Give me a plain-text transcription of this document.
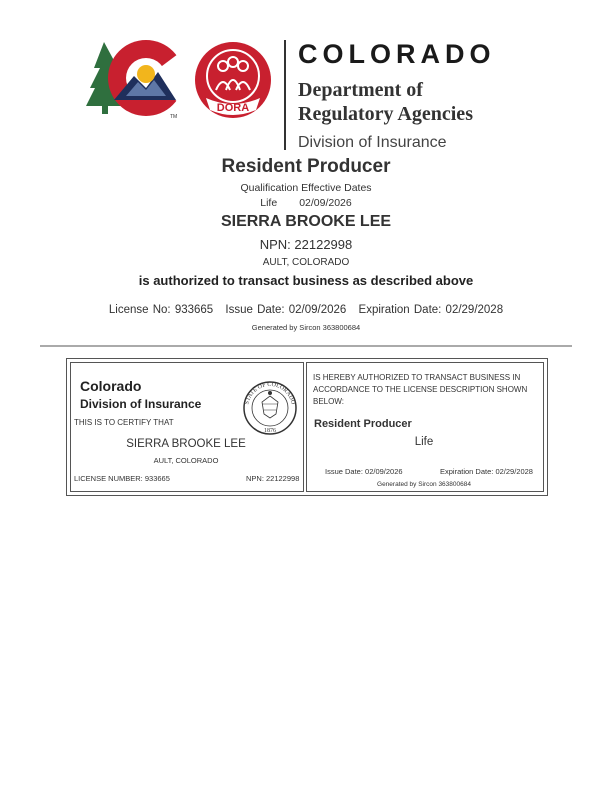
TM
DORA
COLORADO
Department of
Regulatory Agencies
Division of Insurance
Resident Producer
Qualification Effective Dates
Life 02/09/2026
SIERRA BROOKE LEE
NPN: 22122998
AULT, COLORADO
is authorized to transact business as described above
License No: 933665 Issue Date: 02/09/2026 Expiration Date: 02/29/2028
Generated by Sircon 363800684
Colorado
Division of Insurance
THIS IS TO CERTIFY THAT
STATE OF COLORADO
1876
SIERRA BROOKE LEE
AULT, COLORADO
LICENSE NUMBER: 933665	NPN: 22122998
IS HEREBY AUTHORIZED TO TRANSACT BUSINESS IN ACCORDANCE TO THE LICENSE DESCRIPTION SHOWN BELOW:
Resident Producer
Life
Issue Date: 02/09/2026	Expiration Date: 02/29/2028
Generated by Sircon 363800684
